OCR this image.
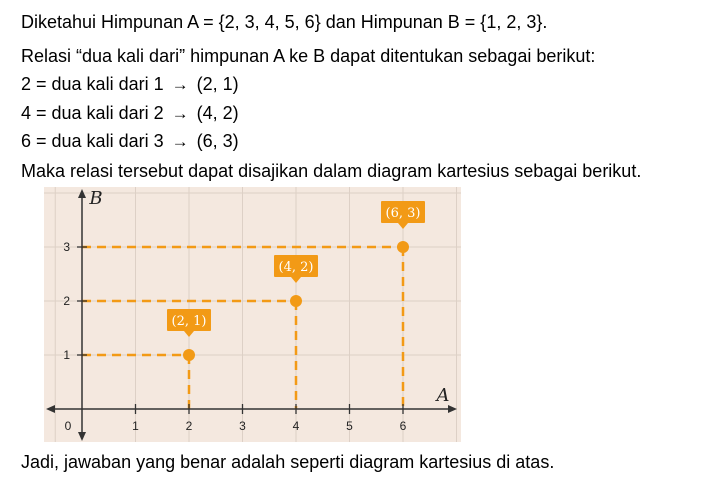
Diketahui Himpunan A = {2, 3, 4, 5, 6} dan Himpunan B = {1, 2, 3}.
Relasi “dua kali dari” himpunan A ke B dapat ditentukan sebagai berikut:
2 = dua kali dari 1 → (2, 1)
4 = dua kali dari 2 → (4, 2)
6 = dua kali dari 3 → (6, 3)
Maka relasi tersebut dapat disajikan dalam diagram kartesius sebagai berikut.
1	2	3	4	5	6
1
2
3
0
A
B
(2, 1)
(4, 2)
(6, 3)
Jadi, jawaban yang benar adalah seperti diagram kartesius di atas.
